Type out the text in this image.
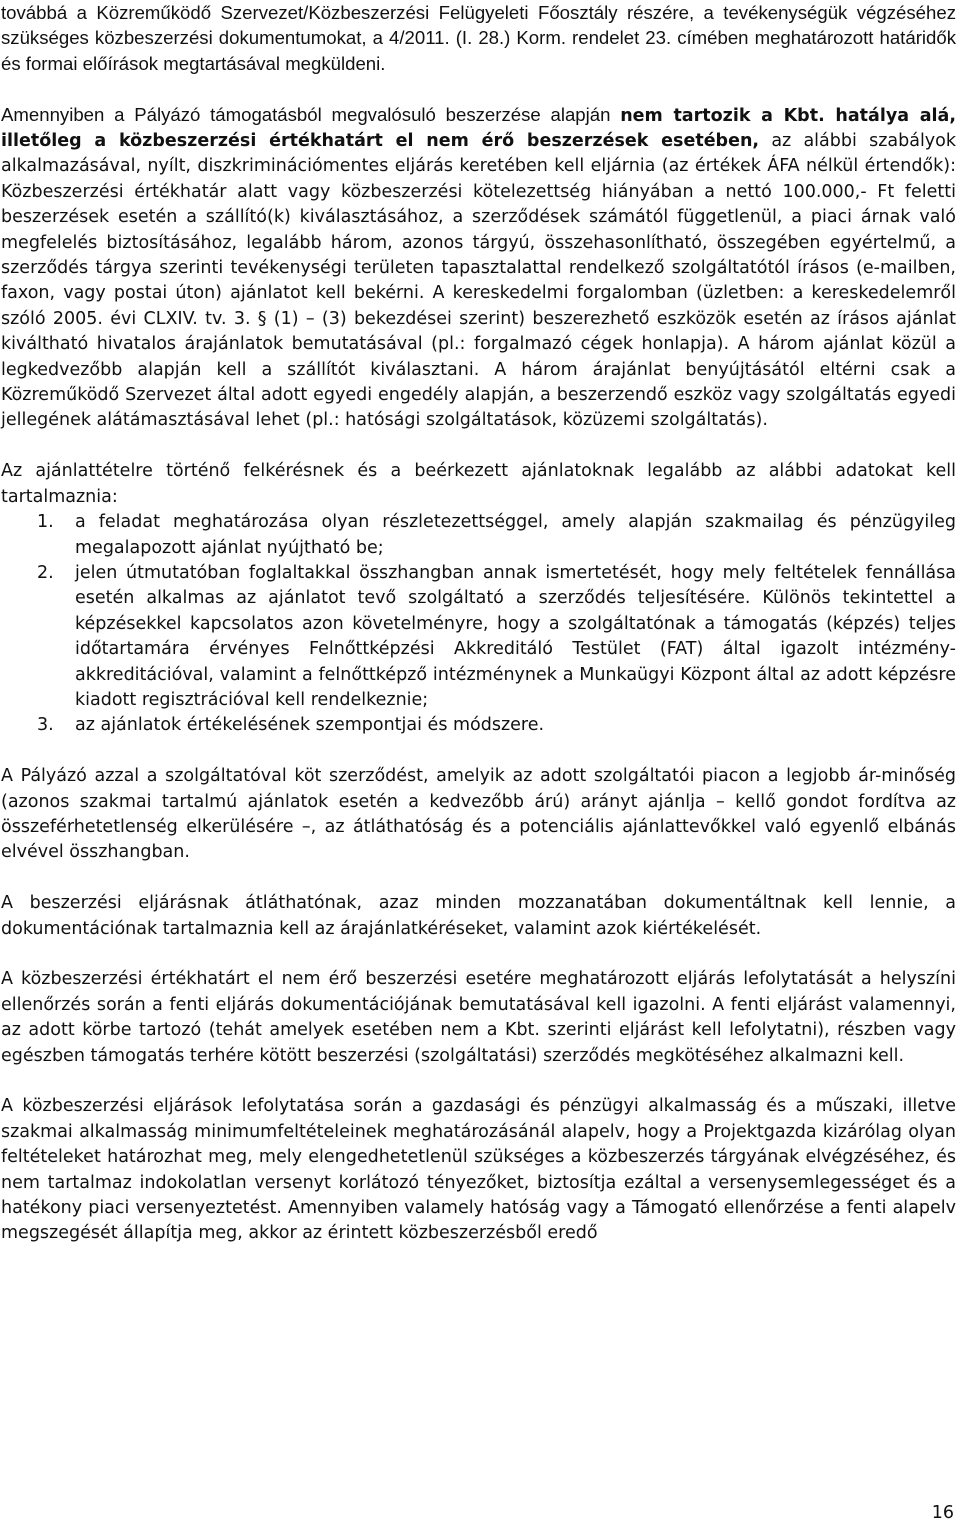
továbbá a Közreműködő Szervezet/Közbeszerzési Felügyeleti Főosztály részére, a tevékenységük végzéséhez szükséges közbeszerzési dokumentumokat, a 4/2011. (I. 28.) Korm. rendelet 23. címében meghatározott határidők és formai előírások megtartásával megküldeni.

Amennyiben a Pályázó támogatásból megvalósuló beszerzése alapján nem tartozik a Kbt. hatálya alá, illetőleg a közbeszerzési értékhatárt el nem érő beszerzések esetében, az alábbi szabályok alkalmazásával, nyílt, diszkriminációmentes eljárás keretében kell eljárnia (az értékek ÁFA nélkül értendők): Közbeszerzési értékhatár alatt vagy közbeszerzési kötelezettség hiányában a nettó 100.000,- Ft feletti beszerzések esetén a szállító(k) kiválasztásához, a szerződések számától függetlenül, a piaci árnak való megfelelés biztosításához, legalább három, azonos tárgyú, összehasonlítható, összegében egyértelmű, a szerződés tárgya szerinti tevékenységi területen tapasztalattal rendelkező szolgáltatótól írásos (e-mailben, faxon, vagy postai úton) ajánlatot kell bekérni. A kereskedelmi forgalomban (üzletben: a kereskedelemről szóló 2005. évi CLXIV. tv. 3. § (1) – (3) bekezdései szerint) beszerezhető eszközök esetén az írásos ajánlat kiváltható hivatalos árajánlatok bemutatásával (pl.: forgalmazó cégek honlapja). A három ajánlat közül a legkedvezőbb alapján kell a szállítót kiválasztani. A három árajánlat benyújtásától eltérni csak a Közreműködő Szervezet által adott egyedi engedély alapján, a beszerzendő eszköz vagy szolgáltatás egyedi jellegének alátámasztásával lehet (pl.: hatósági szolgáltatások, közüzemi szolgáltatás).

Az ajánlattételre történő felkérésnek és a beérkezett ajánlatoknak legalább az alábbi adatokat kell tartalmaznia:

1. a feladat meghatározása olyan részletezettséggel, amely alapján szakmailag és pénzügyileg megalapozott ajánlat nyújtható be;
2. jelen útmutatóban foglaltakkal összhangban annak ismertetését, hogy mely feltételek fennállása esetén alkalmas az ajánlatot tevő szolgáltató a szerződés teljesítésére. Különös tekintettel a képzésekkel kapcsolatos azon követelményre, hogy a szolgáltatónak a támogatás (képzés) teljes időtartamára érvényes Felnőttképzési Akkreditáló Testület (FAT) által igazolt intézmény-akkreditációval, valamint a felnőttképző intézménynek a Munkaügyi Központ által az adott képzésre kiadott regisztrációval kell rendelkeznie;
3. az ajánlatok értékelésének szempontjai és módszere.

A Pályázó azzal a szolgáltatóval köt szerződést, amelyik az adott szolgáltatói piacon a legjobb ár-minőség (azonos szakmai tartalmú ajánlatok esetén a kedvezőbb árú) arányt ajánlja – kellő gondot fordítva az összeférhetetlenség elkerülésére –, az átláthatóság és a potenciális ajánlattevőkkel való egyenlő elbánás elvével összhangban.

A beszerzési eljárásnak átláthatónak, azaz minden mozzanatában dokumentáltnak kell lennie, a dokumentációnak tartalmaznia kell az árajánlatkéréseket, valamint azok kiértékelését.

A közbeszerzési értékhatárt el nem érő beszerzési esetére meghatározott eljárás lefolytatását a helyszíni ellenőrzés során a fenti eljárás dokumentációjának bemutatásával kell igazolni. A fenti eljárást valamennyi, az adott körbe tartozó (tehát amelyek esetében nem a Kbt. szerinti eljárást kell lefolytatni), részben vagy egészben támogatás terhére kötött beszerzési (szolgáltatási) szerződés megkötéséhez alkalmazni kell.

A közbeszerzési eljárások lefolytatása során a gazdasági és pénzügyi alkalmasság és a műszaki, illetve szakmai alkalmasság minimumfeltételeinek meghatározásánál alapelv, hogy a Projektgazda kizárólag olyan feltételeket határozhat meg, mely elengedhetetlenül szükséges a közbeszerzés tárgyának elvégzéséhez, és nem tartalmaz indokolatlan versenyt korlátozó tényezőket, biztosítja ezáltal a versenysemlegességet és a hatékony piaci versenyeztetést. Amennyiben valamely hatóság vagy a Támogató ellenőrzése a fenti alapelv megszegését állapítja meg, akkor az érintett közbeszerzésből eredő

16
